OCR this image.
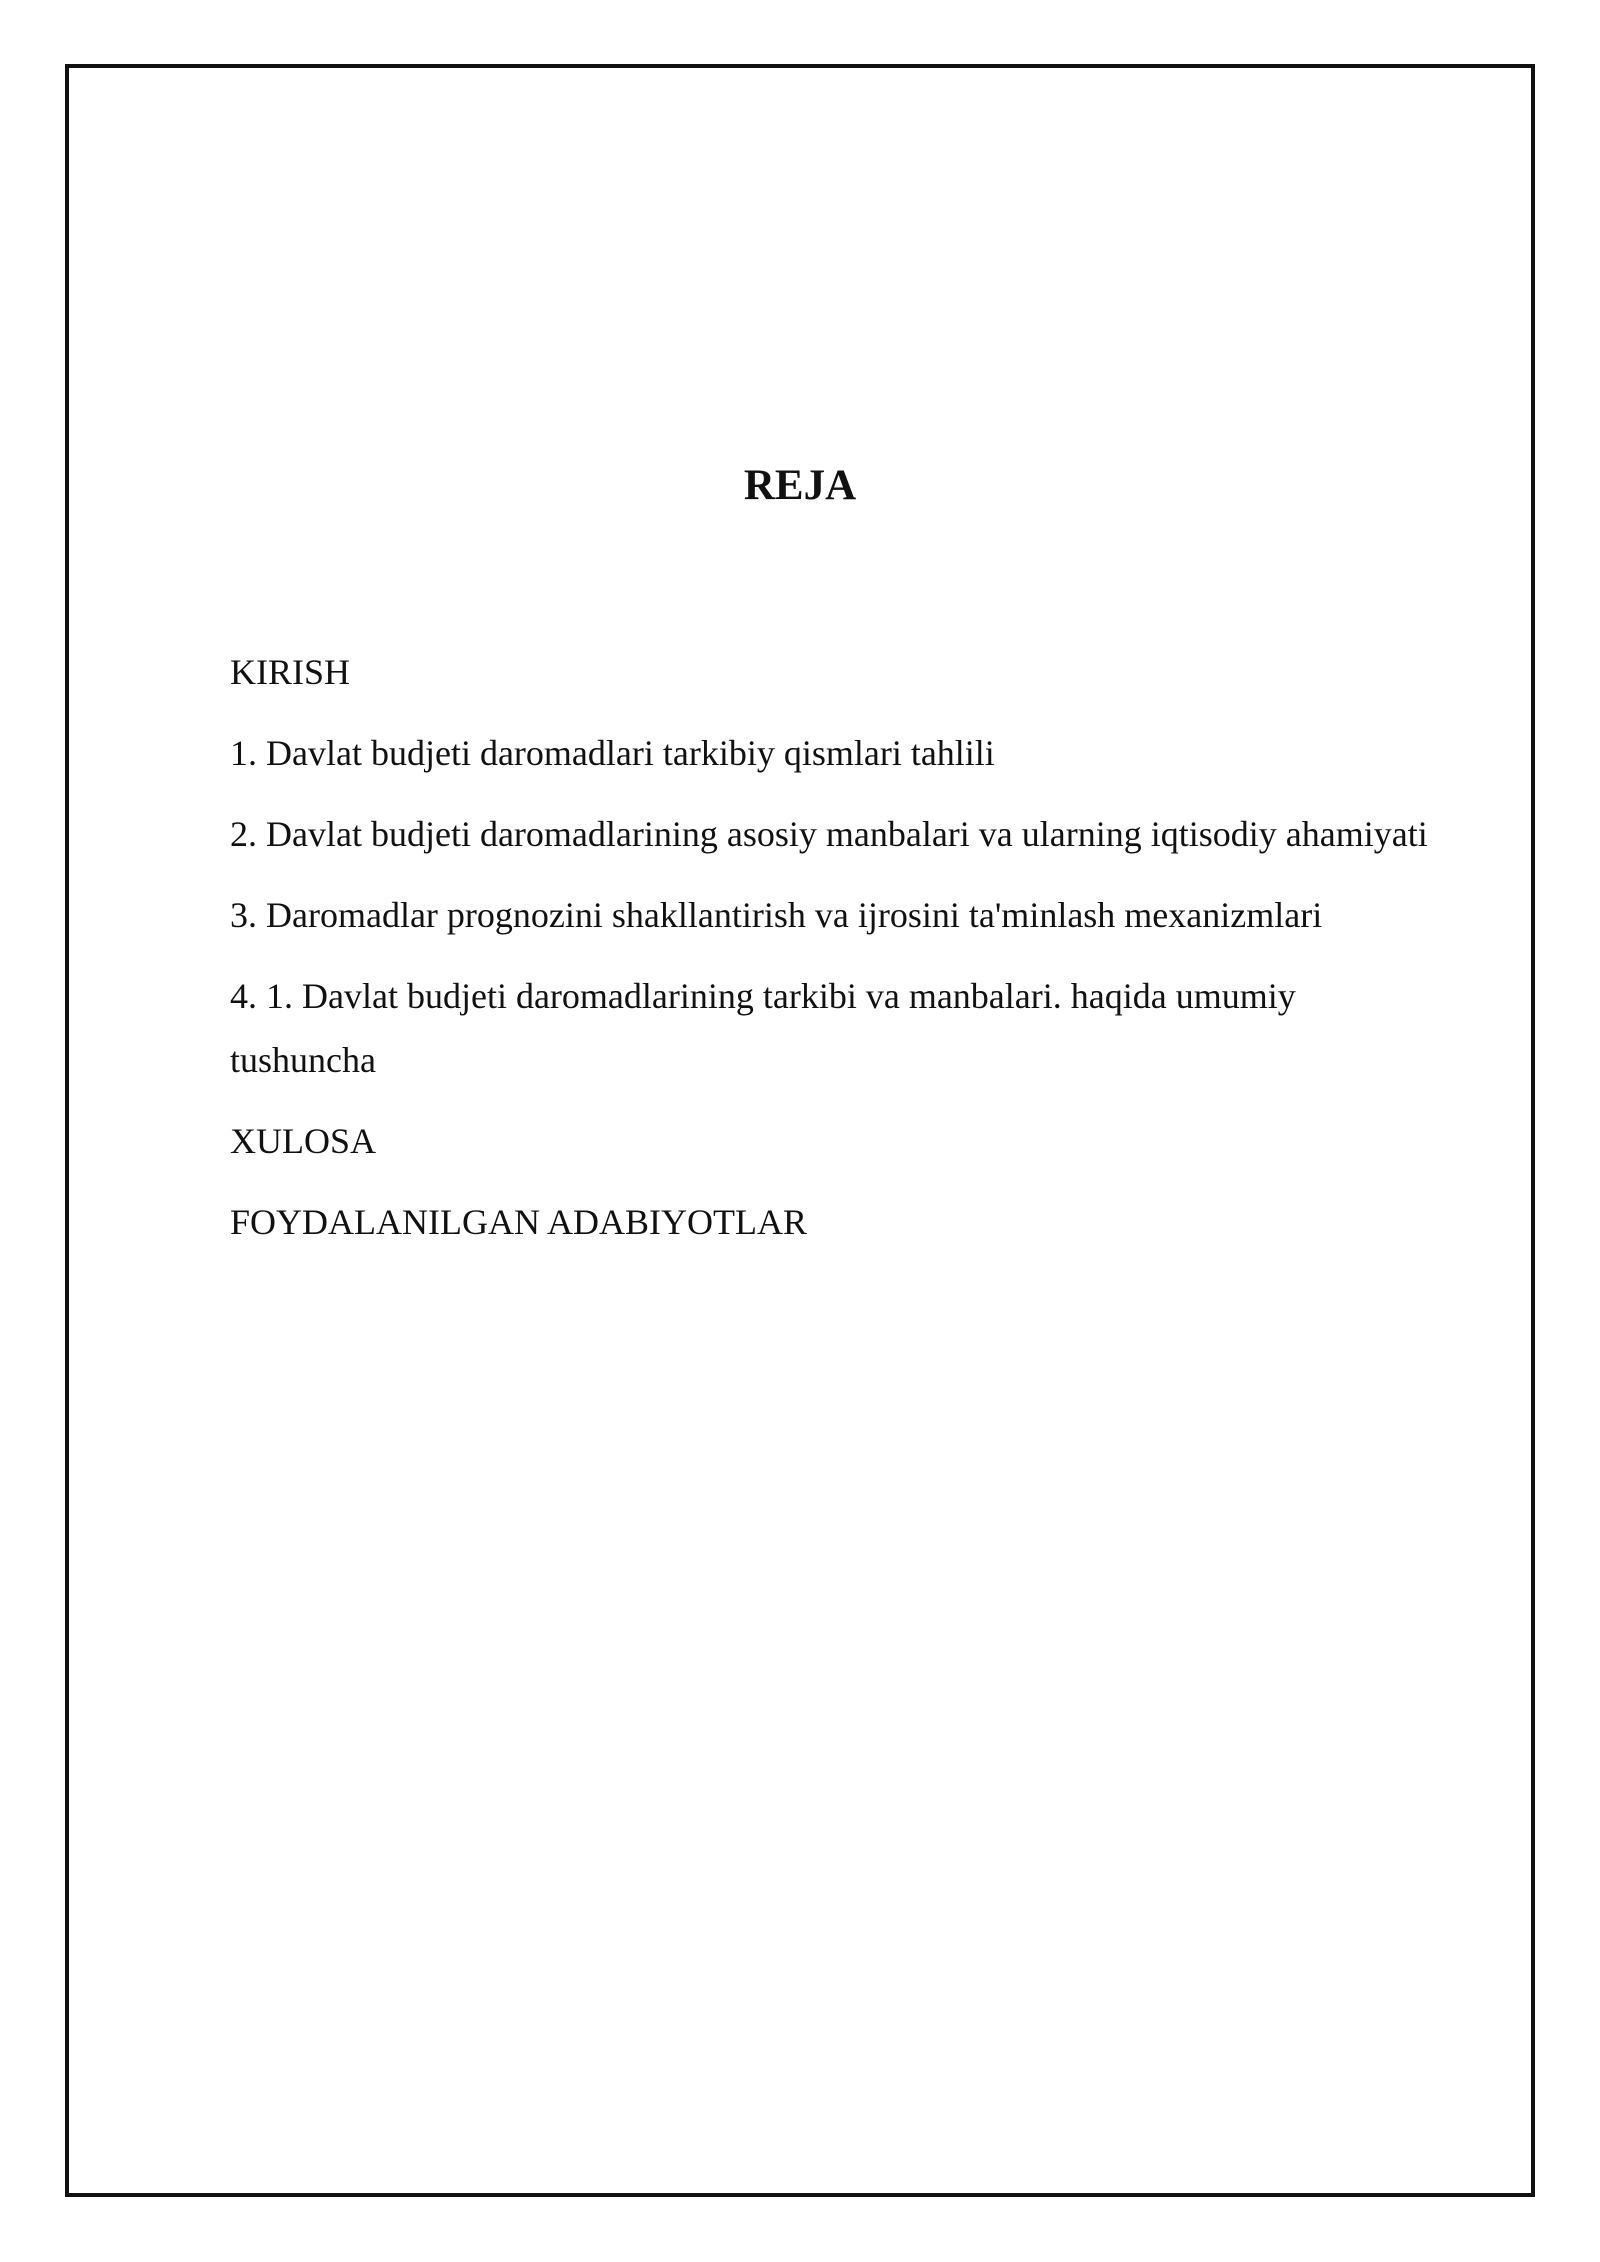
REJA
KIRISH
1. Davlat budjeti daromadlari tarkibiy qismlari tahlili
2. Davlat budjeti daromadlarining asosiy manbalari va ularning iqtisodiy ahamiyati
3. Daromadlar prognozini shakllantirish va ijrosini ta'minlash mexanizmlari
4. 1. Davlat budjeti daromadlarining tarkibi va manbalari. haqida umumiy tushuncha
XULOSA
FOYDALANILGAN ADABIYOTLAR
